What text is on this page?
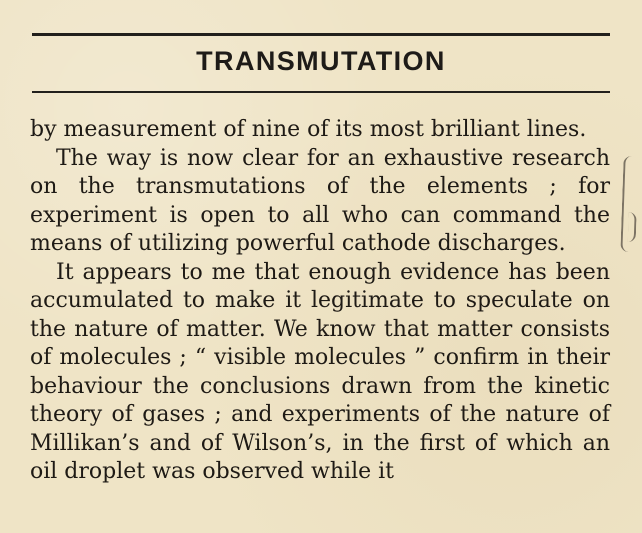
TRANSMUTATION

by measurement of nine of its most brilliant lines.

The way is now clear for an exhaustive research on the transmutations of the elements ; for experiment is open to all who can command the means of utilizing powerful cathode discharges.

It appears to me that enough evidence has been accumulated to make it legitimate to speculate on the nature of matter. We know that matter consists of molecules ; “ visible molecules ” confirm in their behaviour the conclusions drawn from the kinetic theory of gases ; and experiments of the nature of Millikan’s and of Wilson’s, in the first of which an oil droplet was observed while it
